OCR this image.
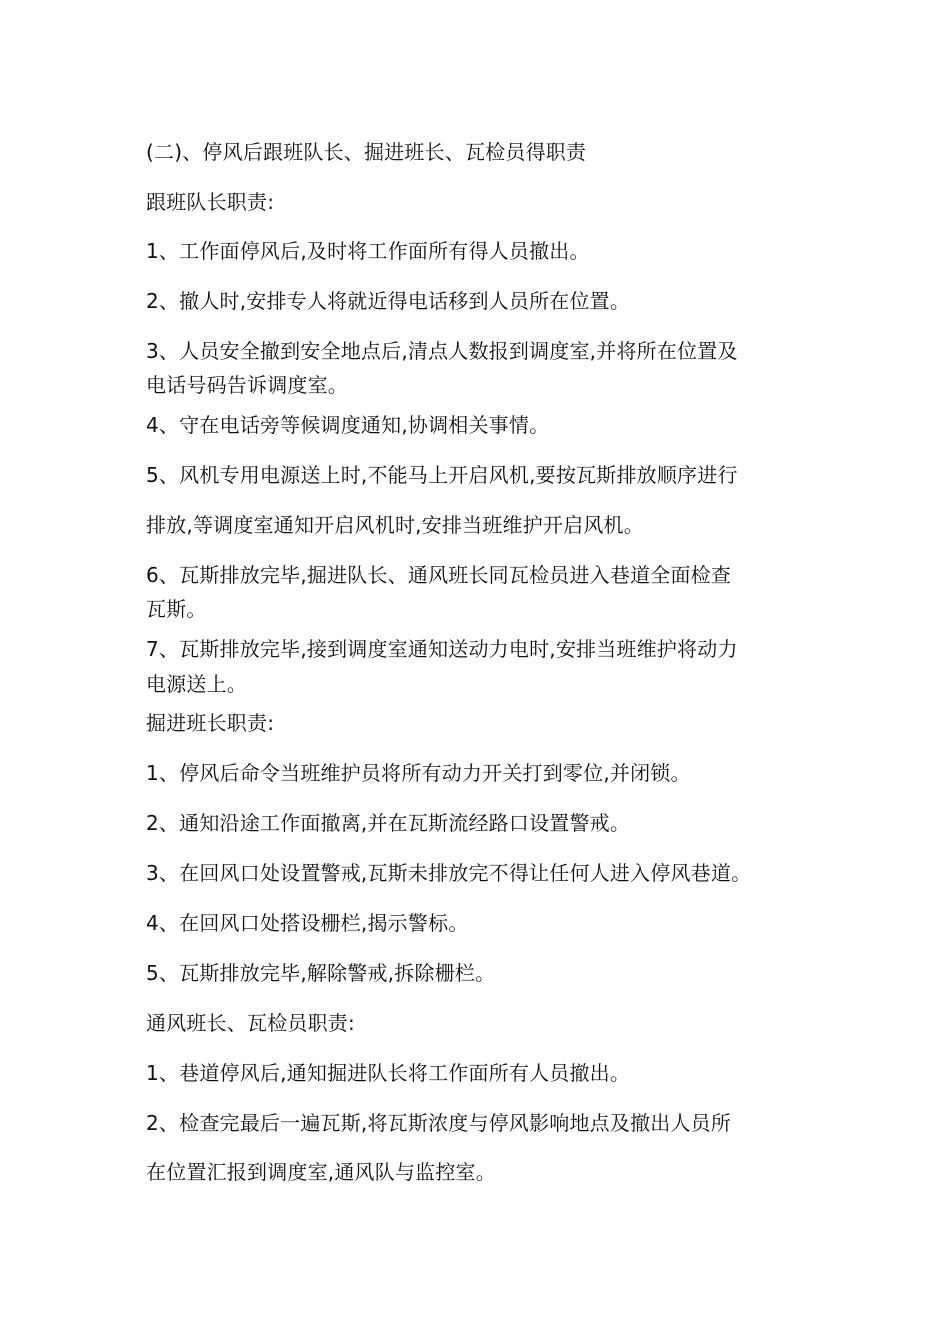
(二)、停风后跟班队长、掘进班长、瓦检员得职责
跟班队长职责:
1、工作面停风后,及时将工作面所有得人员撤出。
2、撤人时,安排专人将就近得电话移到人员所在位置。
3、人员安全撤到安全地点后,清点人数报到调度室,并将所在位置及
电话号码告诉调度室。
4、守在电话旁等候调度通知,协调相关事情。
5、风机专用电源送上时,不能马上开启风机,要按瓦斯排放顺序进行
排放,等调度室通知开启风机时,安排当班维护开启风机。
6、瓦斯排放完毕,掘进队长、通风班长同瓦检员进入巷道全面检查
瓦斯。
7、瓦斯排放完毕,接到调度室通知送动力电时,安排当班维护将动力
电源送上。
掘进班长职责:
1、停风后命令当班维护员将所有动力开关打到零位,并闭锁。
2、通知沿途工作面撤离,并在瓦斯流经路口设置警戒。
3、在回风口处设置警戒,瓦斯未排放完不得让任何人进入停风巷道。
4、在回风口处搭设栅栏,揭示警标。
5、瓦斯排放完毕,解除警戒,拆除栅栏。
通风班长、瓦检员职责:
1、巷道停风后,通知掘进队长将工作面所有人员撤出。
2、检查完最后一遍瓦斯,将瓦斯浓度与停风影响地点及撤出人员所
在位置汇报到调度室,通风队与监控室。
